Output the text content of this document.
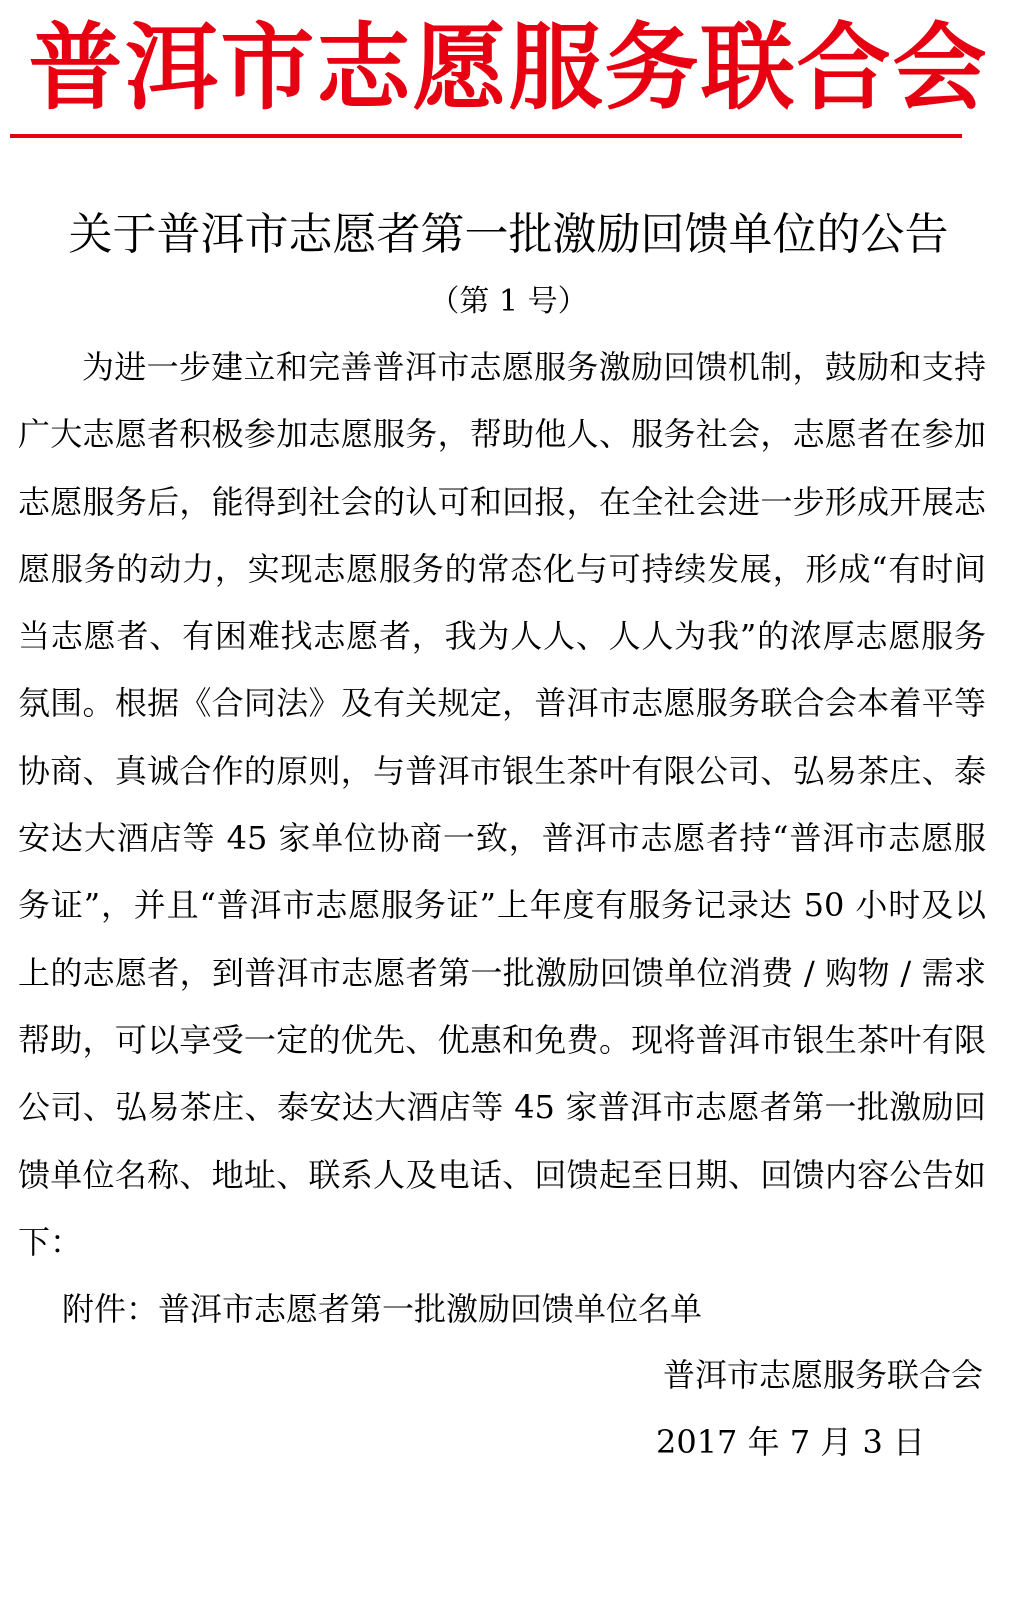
普洱市志愿服务联合会
关于普洱市志愿者第一批激励回馈单位的公告
（第 1 号）

为进一步建立和完善普洱市志愿服务激励回馈机制，鼓励和支持广大志愿者积极参加志愿服务，帮助他人、服务社会，志愿者在参加志愿服务后，能得到社会的认可和回报，在全社会进一步形成开展志愿服务的动力，实现志愿服务的常态化与可持续发展，形成“有时间当志愿者、有困难找志愿者，我为人人、人人为我”的浓厚志愿服务氛围。根据《合同法》及有关规定，普洱市志愿服务联合会本着平等协商、真诚合作的原则，与普洱市银生茶叶有限公司、弘易茶庄、泰安达大酒店等 45 家单位协商一致，普洱市志愿者持“普洱市志愿服务证”，并且“普洱市志愿服务证”上年度有服务记录达 50 小时及以上的志愿者，到普洱市志愿者第一批激励回馈单位消费 / 购物 / 需求帮助，可以享受一定的优先、优惠和免费。现将普洱市银生茶叶有限公司、弘易茶庄、泰安达大酒店等 45 家普洱市志愿者第一批激励回馈单位名称、地址、联系人及电话、回馈起至日期、回馈内容公告如下：

附件：普洱市志愿者第一批激励回馈单位名单
普洱市志愿服务联合会
2017 年 7 月 3 日
